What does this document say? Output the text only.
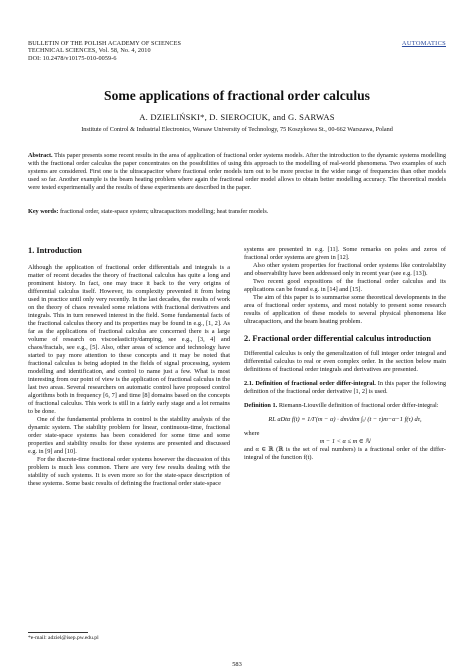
BULLETIN OF THE POLISH ACADEMY OF SCIENCES
TECHNICAL SCIENCES, Vol. 58, No. 4, 2010
DOI: 10.2478/v10175-010-0059-6
AUTOMATICS
Some applications of fractional order calculus
A. DZIELIŃSKI*, D. SIEROCIUK, and G. SARWAS
Institute of Control & Industrial Electronics, Warsaw University of Technology, 75 Koszykowa St., 00-662 Warszawa, Poland
Abstract. This paper presents some recent results in the area of application of fractional order systems models. After the introduction to the dynamic systems modelling with the fractional order calculus the paper concentrates on the possibilities of using this approach to the modelling of real-world phenomena. Two examples of such systems are considered. First one is the ultracapacitor where fractional order models turn out to be more precise in the wider range of frequencies than other models used so far. Another example is the beam heating problem where again the fractional order model allows to obtain better modelling accuracy. The theoretical models were tested experimentally and the results of these experiments are described in the paper.
Key words: fractional order, state-space system; ultracapacitors modelling; heat transfer models.
1. Introduction

Although the application of fractional order differentials and integrals is a matter of recent decades the theory of fractional calculus has quite a long and prominent history. In fact, one may trace it back to the very origins of differential calculus itself. However, its complexity prevented it from being used in practice until only very recently. In the last decades, the results of work on the theory of chaos revealed some relations with fractional derivatives and integrals. This in turn renewed interest in the field. Some fundamental facts of the fractional calculus theory and its properties may be found in e.g., [1, 2]. As far as the applications of fractional calculus are concerned there is a large volume of research on viscoelasticity/damping, see e.g., [3, 4] and chaos/fractals, see e.g., [5]. Also, other areas of science and technology have started to pay more attention to these concepts and it may be noted that fractional calculus is being adopted in the fields of signal processing, system modelling and identification, and control to name just a few. What is most interesting from our point of view is the application of fractional calculus in the last two areas. Several researchers on automatic control have proposed control algorithms both in frequency [6, 7] and time [8] domains based on the concepts of fractional calculus. This work is still in a fairly early stage and a lot remains to be done.

One of the fundamental problems in control is the stability analysis of the dynamic system. The stability problem for linear, continuous-time, fractional order state-space systems has been considered for some time and some properties and stability results for these systems are presented and discussed e.g. in [9] and [10].

For the discrete-time fractional order systems however the discussion of this problem is much less common. There are very few results dealing with the stability of such systems. It is even more so for the state-space description of these systems. Some basic results of defining the fractional order state-space

systems are presented in e.g. [11]. Some remarks on poles and zeros of fractional order systems are given in [12].

Also other system properties for fractional order systems like controlability and observability have been addressed only in recent year (see e.g. [13]).

Two recent good expositions of the fractional order calculus and its applications can be found e.g. in [14] and [15].

The aim of this paper is to summarise some theoretical developments in the area of fractional order systems, and most notably to present some research results of application of these models to several physical phenomena like ultracapacitors, and the beam heating problem.

2. Fractional order differential calculus introduction

Differential calculus is only the generalization of full integer order integral and differential calculus to real or even complex order. In the section below main definitions of fractional order integrals and derivatives are presented.

2.1. Definition of fractional order differ-integral. In this paper the following definition of the fractional order derivative [1, 2] is used.

Definition 1. Riemann-Liouville definition of fractional order differ-integral:

RL aDtα f(t) = 1/Γ(m − α) · dm/dtm ∫ₐᵗ (t − τ)m−α−1 f(τ) dτ,

where

m − 1 < α ≤ m ∈ ℕ

and α ∈ ℝ (ℝ is the set of real numbers) is a fractional order of the differ-integral of the function f(t).

*e-mail: adziel@isep.pw.edu.pl
583
